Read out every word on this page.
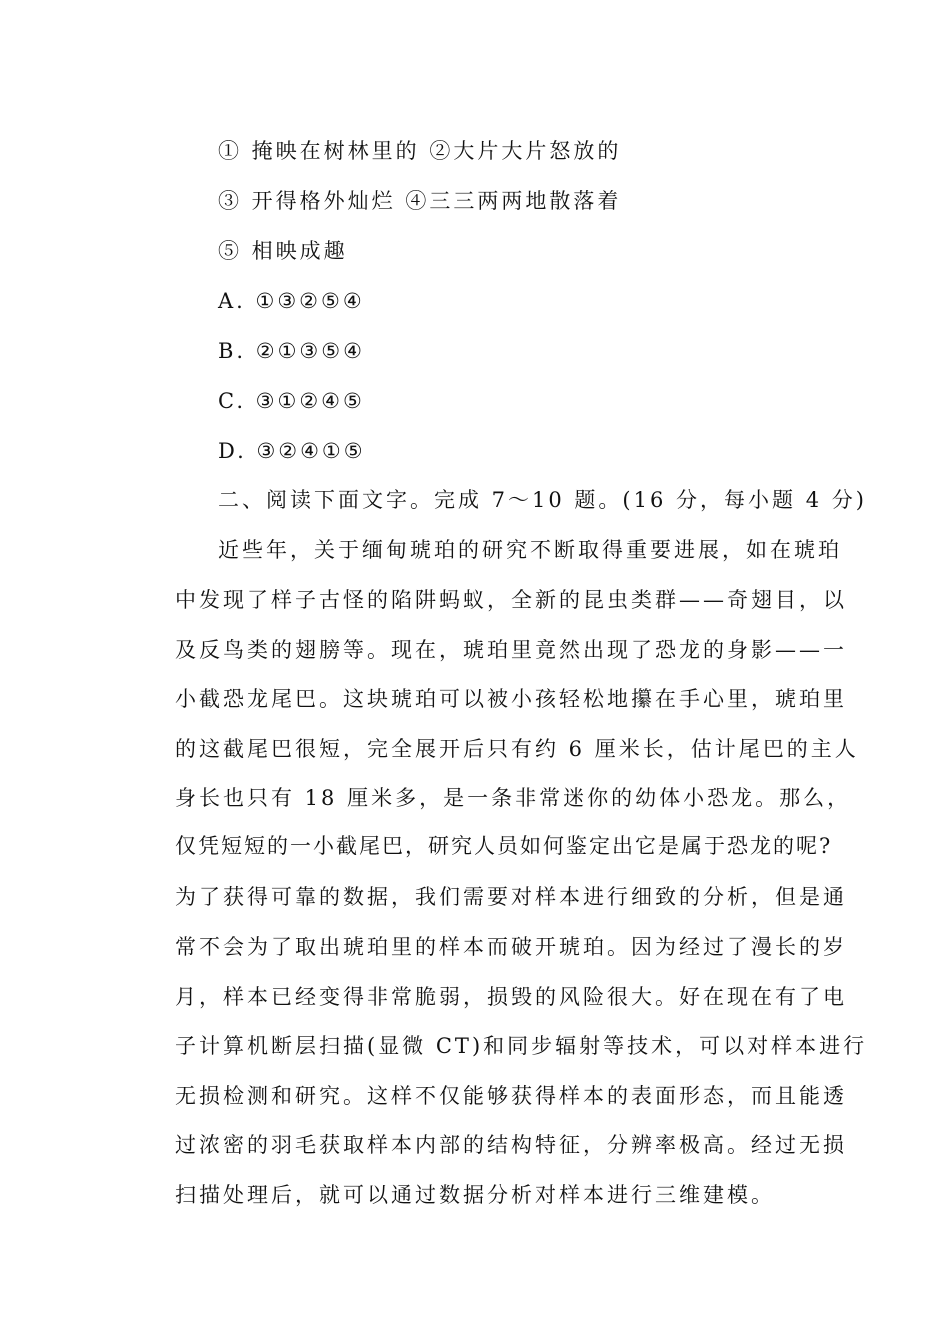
① 掩映在树林里的 ②大片大片怒放的
③ 开得格外灿烂 ④三三两两地散落着
⑤ 相映成趣
A. ①③②⑤④
B. ②①③⑤④
C. ③①②④⑤
D. ③②④①⑤
二、阅读下面文字。完成 7～10 题。(16 分，每小题 4 分)
近些年，关于缅甸琥珀的研究不断取得重要进展，如在琥珀
中发现了样子古怪的陷阱蚂蚁，全新的昆虫类群——奇翅目，以
及反鸟类的翅膀等。现在，琥珀里竟然出现了恐龙的身影——一
小截恐龙尾巴。这块琥珀可以被小孩轻松地攥在手心里，琥珀里
的这截尾巴很短，完全展开后只有约 6 厘米长，估计尾巴的主人
身长也只有 18 厘米多，是一条非常迷你的幼体小恐龙。那么，
仅凭短短的一小截尾巴，研究人员如何鉴定出它是属于恐龙的呢?
为了获得可靠的数据，我们需要对样本进行细致的分析，但是通
常不会为了取出琥珀里的样本而破开琥珀。因为经过了漫长的岁
月，样本已经变得非常脆弱，损毁的风险很大。好在现在有了电
子计算机断层扫描(显微 CT)和同步辐射等技术，可以对样本进行
无损检测和研究。这样不仅能够获得样本的表面形态，而且能透
过浓密的羽毛获取样本内部的结构特征，分辨率极高。经过无损
扫描处理后，就可以通过数据分析对样本进行三维建模。
